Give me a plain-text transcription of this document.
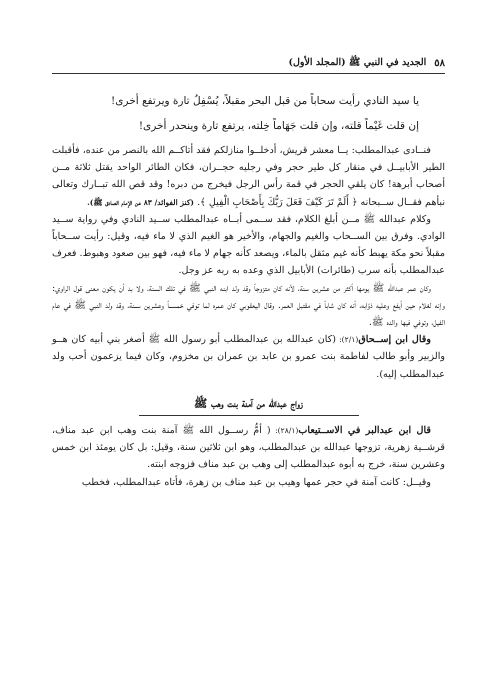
٥٨
الجديد في النبي ﷺ (المجلد الأول)

يا سيد النادي رأيت سحاباً من قبل البحر مقبلاً، يُسْفِلُ تارة ويرتفع أخرى!

إن قلت غَيْماً قلته، وإن قلت جَهَاماً خِلته، يرتفع تارة وينحدر أخرى!

فنــادى عبدالمطلب: يــا معشر قريش، أدخلــوا منازلكم فقد أتاكــم الله بالنصر من عنده، فأقبلت الطير الأبابيــل في منقار كل طير حجر وفي رجليه حجــران، فكان الطائر الواحد يقتل ثلاثة مــن أصحاب أبرهة! كان يلقي الحجر في قمة رأس الرجل فيخرج من دبره! وقد قص الله تبــارك وتعالى نبأهم فقــال ســبحانه ﴿ أَلَمْ تَرَ كَيْفَ فَعَلَ رَبُّكَ بِأَصْحَابِ الْفِيلِ ﴾. (كنز الفوائد/ ٨٣ عن الإمام الصادق ﷺ).

وكلام عبدالله ﷺ مــن أبلغ الكلام، فقد ســمى أبــاه عبدالمطلب ســيد النادي وفي رواية ســيد الوادي. وفرق بين الســحاب والغيم والجهام، والأخير هو الغيم الذي لا ماء فيه، وقيل: رأيت ســحاباً مقبلاً نحو مكة يهبط كأنه غيم مثقل بالماء، ويصعد كأنه جهام لا ماء فيه، فهو بين صعود وهبوط. فعرف عبدالمطلب بأنه سرب (طائرات) الأبابيل الذي وعده به ربه عز وجل.

وكان عمر عبدالله ﷺ يومها أكثر من عشرين سنة، لأنه كان متزوجاً وقد ولد ابنه النبي ﷺ في تلك السنة، ولا بد أن يكون معنى قول الراوي: وإنه لغلام حين أيفع وعليه ذؤابه، أنه كان شاباً في مقتبل العمر. وقال اليعقوبي كان عمره لما توفي خمســاً وعشرين ســنة، وقد ولد النبي ﷺ في عام الفيل، وتوفي فيها والده ﷺ.

وقال ابن إســحاق(٢/١): (كان عبدالله بن عبدالمطلب أبو رسول الله ﷺ أصغر بني أبيه كان هــو والزبير وأبو طالب لفاطمة بنت عمرو بن عابد بن عمران بن مخزوم، وكان فيما يزعمون أحب ولد عبدالمطلب إليه).

زواج عبدالله من آمنة بنت وهب ﷺ

قال ابن عبدالبر في الاســتيعاب(٢٨/١): ( أمُّ رســول الله ﷺ آمنة بنت وهب ابن عبد مناف، قرشــية زهرية، تزوجها عبدالله بن عبدالمطلب، وهو ابن ثلاثين سنة، وقيل: بل كان يومئذ ابن خمس وعشرين سنة، خرج به أبوه عبدالمطلب إلى وهب بن عبد مناف فزوجه ابنته.

وقيــل: كانت آمنة في حجر عمها وهيب بن عبد مناف بن زهرة، فأتاه عبدالمطلب، فخطب
